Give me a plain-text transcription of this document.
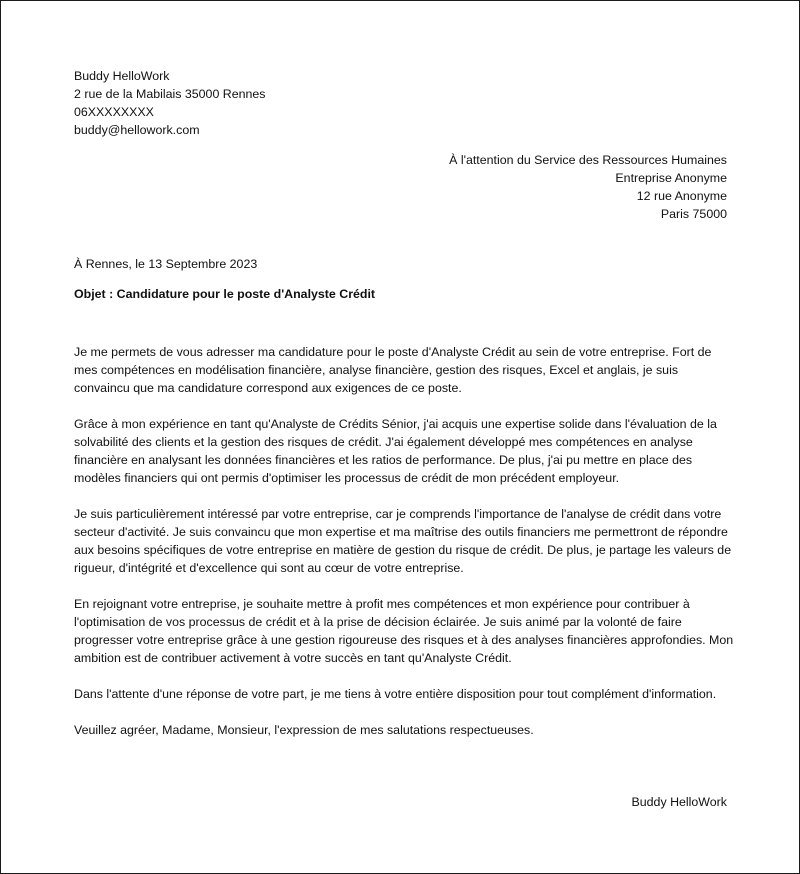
Buddy HelloWork
2 rue de la Mabilais 35000 Rennes
06XXXXXXXX
buddy@hellowork.com
À l'attention du Service des Ressources Humaines
Entreprise Anonyme
12 rue Anonyme
Paris 75000
À Rennes, le 13 Septembre 2023
Objet : Candidature pour le poste d'Analyste Crédit

Je me permets de vous adresser ma candidature pour le poste d'Analyste Crédit au sein de votre entreprise. Fort de mes compétences en modélisation financière, analyse financière, gestion des risques, Excel et anglais, je suis convaincu que ma candidature correspond aux exigences de ce poste.

Grâce à mon expérience en tant qu'Analyste de Crédits Sénior, j'ai acquis une expertise solide dans l'évaluation de la solvabilité des clients et la gestion des risques de crédit. J'ai également développé mes compétences en analyse financière en analysant les données financières et les ratios de performance. De plus, j'ai pu mettre en place des modèles financiers qui ont permis d'optimiser les processus de crédit de mon précédent employeur.

Je suis particulièrement intéressé par votre entreprise, car je comprends l'importance de l'analyse de crédit dans votre secteur d'activité. Je suis convaincu que mon expertise et ma maîtrise des outils financiers me permettront de répondre aux besoins spécifiques de votre entreprise en matière de gestion du risque de crédit. De plus, je partage les valeurs de rigueur, d'intégrité et d'excellence qui sont au cœur de votre entreprise.

En rejoignant votre entreprise, je souhaite mettre à profit mes compétences et mon expérience pour contribuer à l'optimisation de vos processus de crédit et à la prise de décision éclairée. Je suis animé par la volonté de faire progresser votre entreprise grâce à une gestion rigoureuse des risques et à des analyses financières approfondies. Mon ambition est de contribuer activement à votre succès en tant qu'Analyste Crédit.

Dans l'attente d'une réponse de votre part, je me tiens à votre entière disposition pour tout complément d'information.

Veuillez agréer, Madame, Monsieur, l'expression de mes salutations respectueuses.

Buddy HelloWork
